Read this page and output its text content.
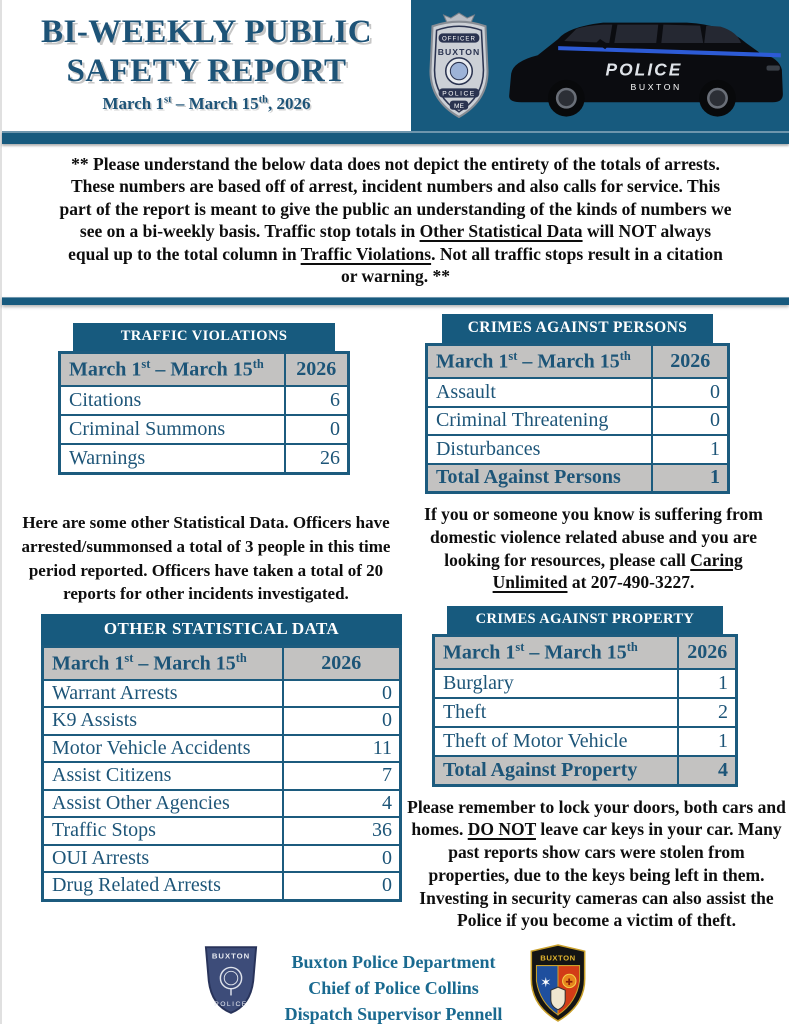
BI-WEEKLY PUBLIC
SAFETY REPORT
March 1st – March 15th, 2026
OFFICER
BUXTON
POLICE
ME
POLICE
BUXTON

** Please understand the below data does not depict the entirety of the totals of arrests. These numbers are based off of arrest, incident numbers and also calls for service. This part of the report is meant to give the public an understanding of the kinds of numbers we see on a bi-weekly basis. Traffic stop totals in Other Statistical Data will NOT always equal up to the total column in Traffic Violations. Not all traffic stops result in a citation or warning. **

TRAFFIC VIOLATIONS
March 1st – March 15th	2026
Citations	6
Criminal Summons	0
Warnings	26

Here are some other Statistical Data. Officers have arrested/summonsed a total of 3 people in this time period reported. Officers have taken a total of 20 reports for other incidents investigated.

OTHER STATISTICAL DATA
March 1st – March 15th	2026
Warrant Arrests	0
K9 Assists	0
Motor Vehicle Accidents	11
Assist Citizens	7
Assist Other Agencies	4
Traffic Stops	36
OUI Arrests	0
Drug Related Arrests	0
CRIMES AGAINST PERSONS
March 1st – March 15th	2026
Assault	0
Criminal Threatening	0
Disturbances	1
Total Against Persons	1

If you or someone you know is suffering from domestic violence related abuse and you are looking for resources, please call Caring Unlimited at 207-490-3227.

CRIMES AGAINST PROPERTY
March 1st – March 15th	2026
Burglary	1
Theft	2
Theft of Motor Vehicle	1
Total Against Property	4

Please remember to lock your doors, both cars and homes. DO NOT leave car keys in your car. Many past reports show cars were stolen from properties, due to the keys being left in them. Investing in security cameras can also assist the Police if you become a victim of theft.

BUXTON
POLICE
Buxton Police Department
Chief of Police Collins
Dispatch Supervisor Pennell
BUXTON
✶ ✚
